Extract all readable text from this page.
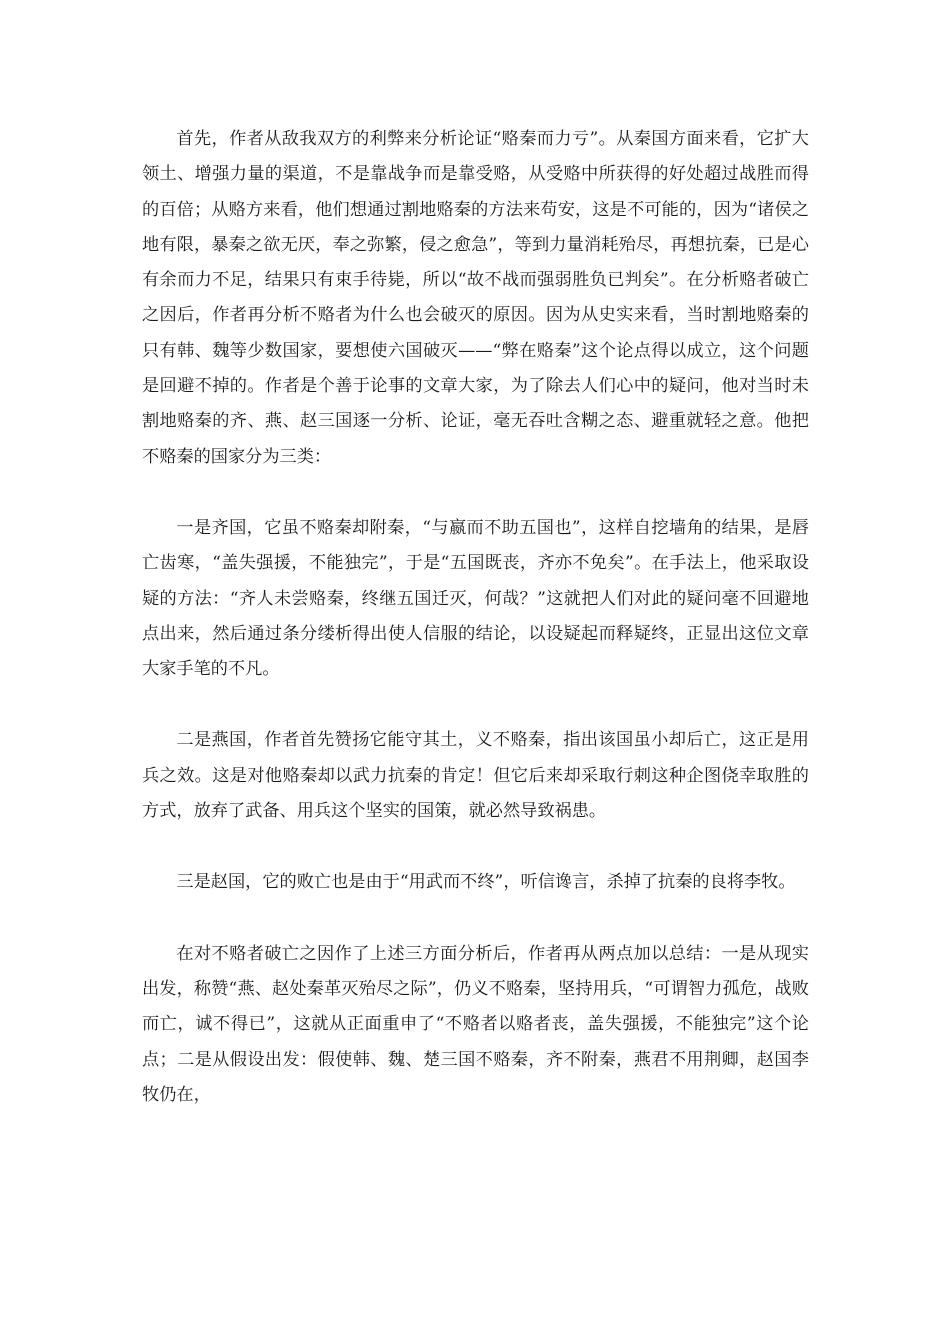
首先，作者从敌我双方的利弊来分析论证“赂秦而力亏”。从秦国方面来看，它扩大领土、增强力量的渠道，不是靠战争而是靠受赂，从受赂中所获得的好处超过战胜而得的百倍；从赂方来看，他们想通过割地赂秦的方法来苟安，这是不可能的，因为“诸侯之地有限，暴秦之欲无厌，奉之弥繁，侵之愈急”，等到力量消耗殆尽，再想抗秦，已是心有余而力不足，结果只有束手待毙，所以“故不战而强弱胜负已判矣”。在分析赂者破亡之因后，作者再分析不赂者为什么也会破灭的原因。因为从史实来看，当时割地赂秦的只有韩、魏等少数国家，要想使六国破灭——“弊在赂秦”这个论点得以成立，这个问题是回避不掉的。作者是个善于论事的文章大家，为了除去人们心中的疑问，他对当时未割地赂秦的齐、燕、赵三国逐一分析、论证，毫无吞吐含糊之态、避重就轻之意。他把不赂秦的国家分为三类：

一是齐国，它虽不赂秦却附秦，“与嬴而不助五国也”，这样自挖墙角的结果，是唇亡齿寒，“盖失强援，不能独完”，于是“五国既丧，齐亦不免矣”。在手法上，他采取设疑的方法：“齐人未尝赂秦，终继五国迁灭，何哉？”这就把人们对此的疑问毫不回避地点出来，然后通过条分缕析得出使人信服的结论，以设疑起而释疑终，正显出这位文章大家手笔的不凡。

二是燕国，作者首先赞扬它能守其土，义不赂秦，指出该国虽小却后亡，这正是用兵之效。这是对他赂秦却以武力抗秦的肯定！但它后来却采取行刺这种企图侥幸取胜的方式，放弃了武备、用兵这个坚实的国策，就必然导致祸患。

三是赵国，它的败亡也是由于“用武而不终”，听信谗言，杀掉了抗秦的良将李牧。

在对不赂者破亡之因作了上述三方面分析后，作者再从两点加以总结：一是从现实出发，称赞“燕、赵处秦革灭殆尽之际”，仍义不赂秦，坚持用兵，“可谓智力孤危，战败而亡，诚不得已”，这就从正面重申了“不赂者以赂者丧，盖失强援，不能独完”这个论点；二是从假设出发：假使韩、魏、楚三国不赂秦，齐不附秦，燕君不用荆卿，赵国李牧仍在，
